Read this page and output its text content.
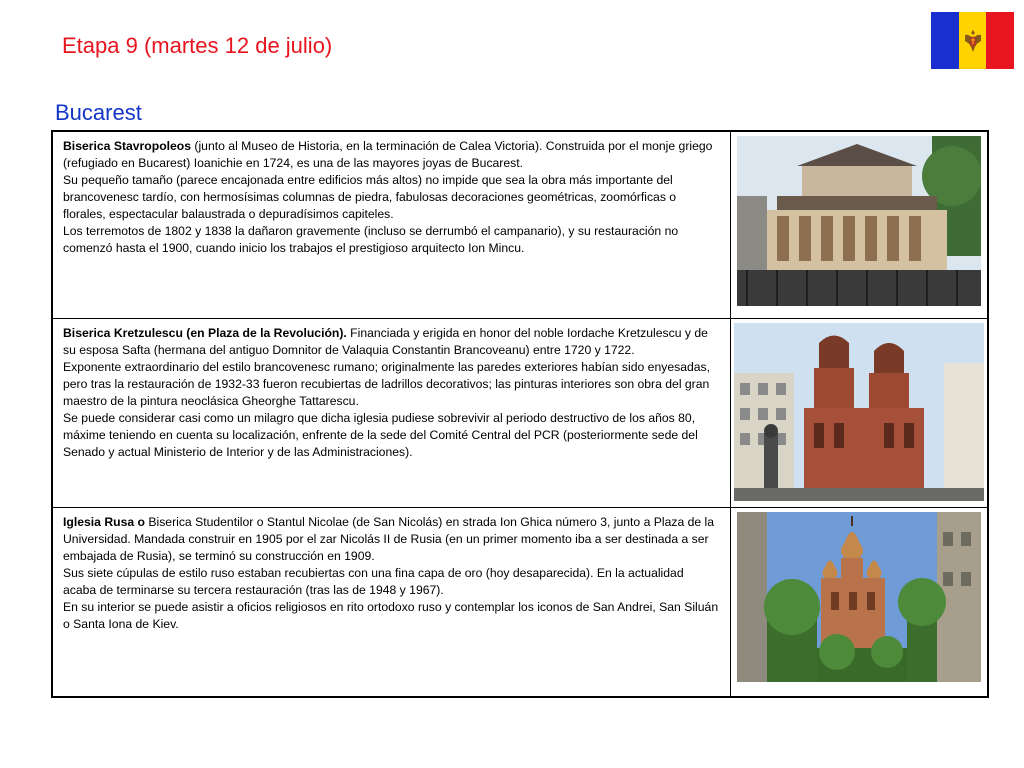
Etapa 9 (martes 12 de julio)
Bucarest
Biserica Stavropoleos (junto al Museo de Historia, en la terminación de Calea Victoria). Construida por el monje griego (refugiado en Bucarest) Ioanichie en 1724, es una de las mayores joyas de Bucarest.
Su pequeño tamaño (parece encajonada entre edificios más altos) no impide que sea la obra más importante del brancovenesc tardío, con hermosísimas columnas de piedra, fabulosas decoraciones geométricas, zoomórficas o florales, espectacular balaustrada o depuradísimos capiteles.
Los terremotos de 1802 y 1838 la dañaron gravemente (incluso se derrumbó el campanario), y su restauración no comenzó hasta el 1900, cuando inicio los trabajos el prestigioso arquitecto Ion Mincu.

Biserica Kretzulescu (en Plaza de la Revolución). Financiada y erigida en honor del noble Iordache Kretzulescu y de su esposa Safta (hermana del antiguo Domnitor de Valaquia Constantin Brancoveanu) entre 1720 y 1722.
Exponente extraordinario del estilo brancovenesc rumano; originalmente las paredes exteriores habían sido enyesadas, pero tras la restauración de 1932-33 fueron recubiertas de ladrillos decorativos; las pinturas interiores son obra del gran maestro de la pintura neoclásica Gheorghe Tattarescu.
Se puede considerar casi como un milagro que dicha iglesia pudiese sobrevivir al periodo destructivo de los años 80, máxime teniendo en cuenta su localización, enfrente de la sede del Comité Central del PCR (posteriormente sede del Senado y actual Ministerio de Interior y de las Administraciones).

Iglesia Rusa o Biserica Studentilor o Stantul Nicolae (de San Nicolás) en strada Ion Ghica número 3, junto a Plaza de la Universidad. Mandada construir en 1905 por el zar Nicolás II de Rusia (en un primer momento iba a ser destinada a ser embajada de Rusia), se terminó su construcción en 1909.
Sus siete cúpulas de estilo ruso estaban recubiertas con una fina capa de oro (hoy desaparecida). En la actualidad acaba de terminarse su tercera restauración (tras las de 1948 y 1967).
En su interior se puede asistir a oficios religiosos en rito ortodoxo ruso y contemplar los iconos de San Andrei, San Siluán o Santa Iona de Kiev.
